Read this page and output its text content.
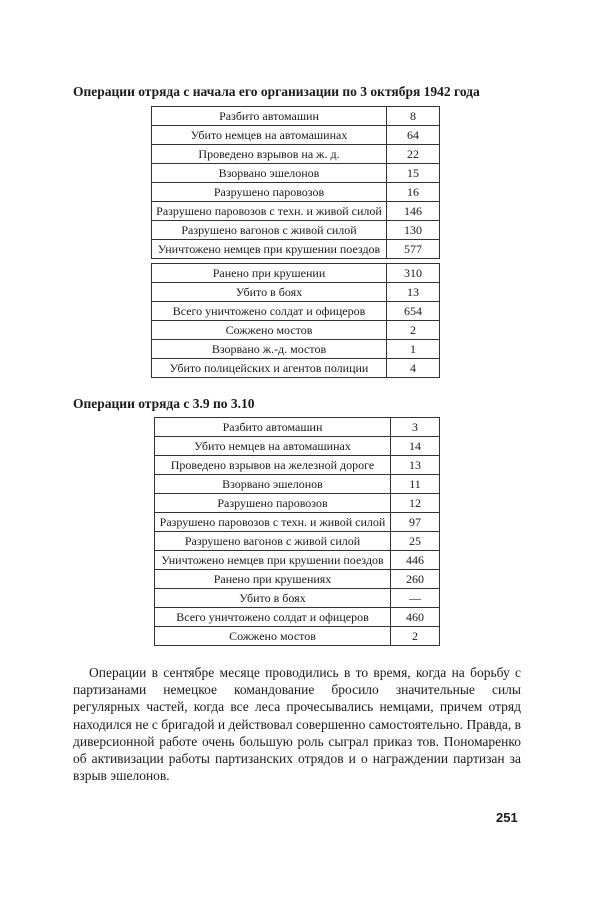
Операции отряда с начала его организации по 3 октября 1942 года
Разбито автомашин	8
Убито немцев на автомашинах	64
Проведено взрывов на ж. д.	22
Взорвано эшелонов	15
Разрушено паровозов	16
Разрушено паровозов с техн. и живой силой	146
Разрушено вагонов с живой силой	130
Уничтожено немцев при крушении поездов	577
Ранено при крушении	310
Убито в боях	13
Всего уничтожено солдат и офицеров	654
Сожжено мостов	2
Взорвано ж.-д. мостов	1
Убито полицейских и агентов полиции	4
Операции отряда с 3.9 по 3.10
Разбито автомашин	3
Убито немцев на автомашинах	14
Проведено взрывов на железной дороге	13
Взорвано эшелонов	11
Разрушено паровозов	12
Разрушено паровозов с техн. и живой силой	97
Разрушено вагонов с живой силой	25
Уничтожено немцев при крушении поездов	446
Ранено при крушениях	260
Убито в боях	—
Всего уничтожено солдат и офицеров	460
Сожжено мостов	2

Операции в сентябре месяце проводились в то время, когда на борьбу с партизанами немецкое командование бросило значительные силы регулярных частей, когда все леса прочесывались немцами, причем отряд находился не с бригадой и действовал совершенно самостоятельно. Правда, в диверсионной работе очень большую роль сыграл приказ тов. Пономаренко об активизации работы партизанских отрядов и о награждении партизан за взрыв эшелонов.

251
